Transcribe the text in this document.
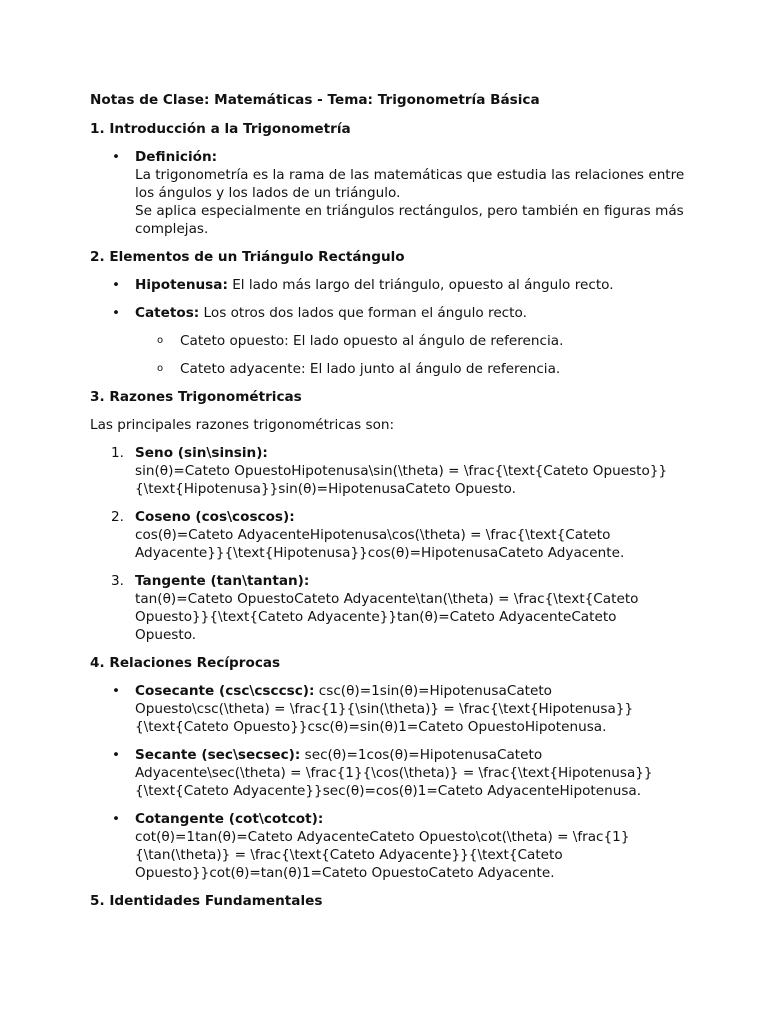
Notas de Clase: Matemáticas - Tema: Trigonometría Básica
1. Introducción a la Trigonometría
• Definición:
La trigonometría es la rama de las matemáticas que estudia las relaciones entre los ángulos y los lados de un triángulo.
Se aplica especialmente en triángulos rectángulos, pero también en figuras más complejas.
2. Elementos de un Triángulo Rectángulo
• Hipotenusa: El lado más largo del triángulo, opuesto al ángulo recto.
• Catetos: Los otros dos lados que forman el ángulo recto.
o Cateto opuesto: El lado opuesto al ángulo de referencia.
o Cateto adyacente: El lado junto al ángulo de referencia.
3. Razones Trigonométricas

Las principales razones trigonométricas son:

1. Seno (sin\sinsin):
sin(θ)=Cateto OpuestoHipotenusa\sin(\theta) = \frac{\text{Cateto Opuesto}}{\text{Hipotenusa}}sin(θ)=HipotenusaCateto Opuesto.
2. Coseno (cos\coscos):
cos(θ)=Cateto AdyacenteHipotenusa\cos(\theta) = \frac{\text{Cateto Adyacente}}{\text{Hipotenusa}}cos(θ)=HipotenusaCateto Adyacente.
3. Tangente (tan\tantan):
tan(θ)=Cateto OpuestoCateto Adyacente\tan(\theta) = \frac{\text{Cateto Opuesto}}{\text{Cateto Adyacente}}tan(θ)=Cateto AdyacenteCateto Opuesto.
4. Relaciones Recíprocas
• Cosecante (csc\csccsc): csc(θ)=1sin(θ)=HipotenusaCateto Opuesto\csc(\theta) = \frac{1}{\sin(\theta)} = \frac{\text{Hipotenusa}}{\text{Cateto Opuesto}}csc(θ)=sin(θ)1=Cateto OpuestoHipotenusa.
• Secante (sec\secsec): sec(θ)=1cos(θ)=HipotenusaCateto Adyacente\sec(\theta) = \frac{1}{\cos(\theta)} = \frac{\text{Hipotenusa}}{\text{Cateto Adyacente}}sec(θ)=cos(θ)1=Cateto AdyacenteHipotenusa.
• Cotangente (cot\cotcot):
cot(θ)=1tan(θ)=Cateto AdyacenteCateto Opuesto\cot(\theta) = \frac{1}{\tan(\theta)} = \frac{\text{Cateto Adyacente}}{\text{Cateto Opuesto}}cot(θ)=tan(θ)1=Cateto OpuestoCateto Adyacente.
5. Identidades Fundamentales
